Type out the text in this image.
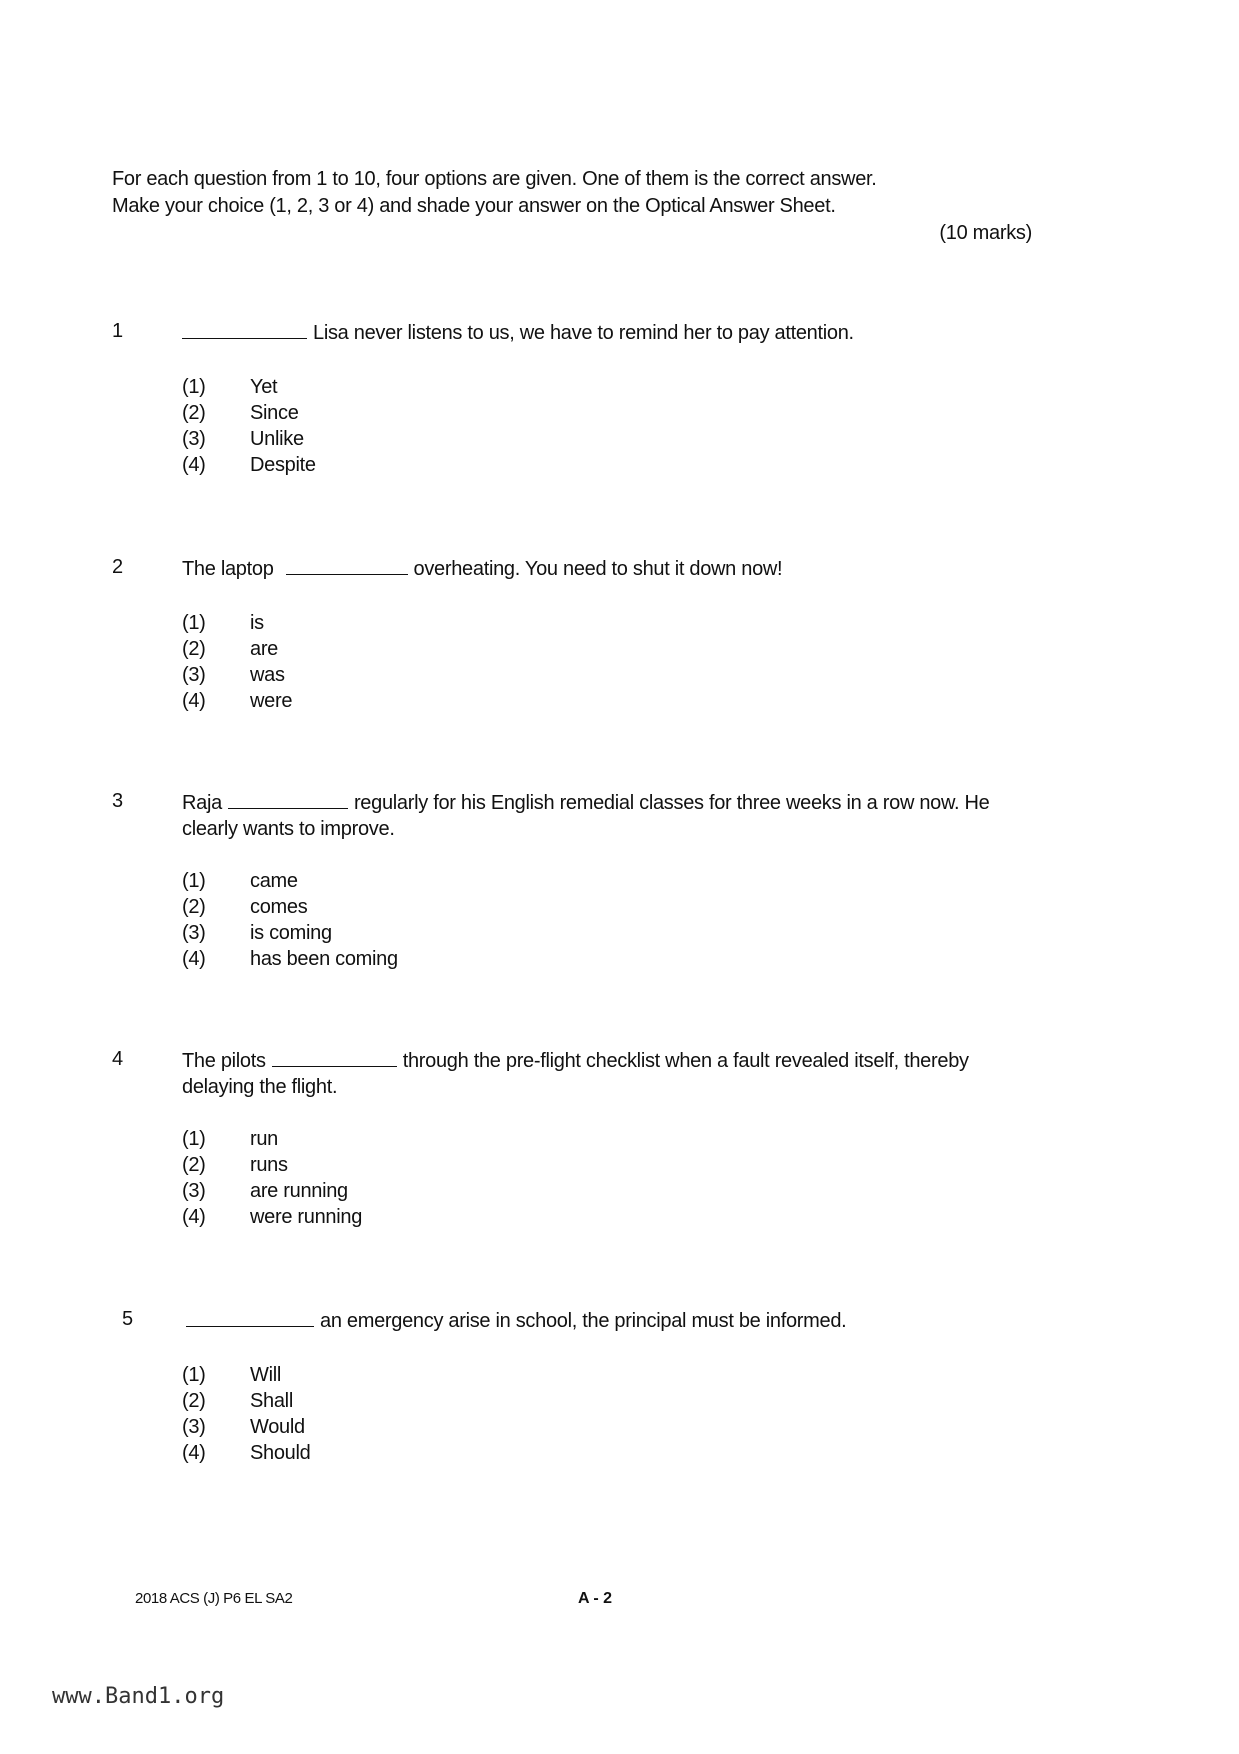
For each question from 1 to 10, four options are given. One of them is the correct answer.

Make your choice (1, 2, 3 or 4) and shade your answer on the Optical Answer Sheet.

(10 marks)
1	Lisa never listens to us, we have to remind her to pay attention.
(1)	Yet
(2)	Since
(3)	Unlike
(4)	Despite
2	The laptop	overheating. You need to shut it down now!
(1)	is
(2)	are
(3)	was
(4)	were
3	Raja	regularly for his English remedial classes for three weeks in a row now. He clearly wants to improve.
(1)	came
(2)	comes
(3)	is coming
(4)	has been coming
4	The pilots	through the pre-flight checklist when a fault revealed itself, thereby delaying the flight.
(1)	run
(2)	runs
(3)	are running
(4)	were running
5	an emergency arise in school, the principal must be informed.
(1)	Will
(2)	Shall
(3)	Would
(4)	Should
2018 ACS (J) P6 EL SA2	A - 2
www.Band1.org
